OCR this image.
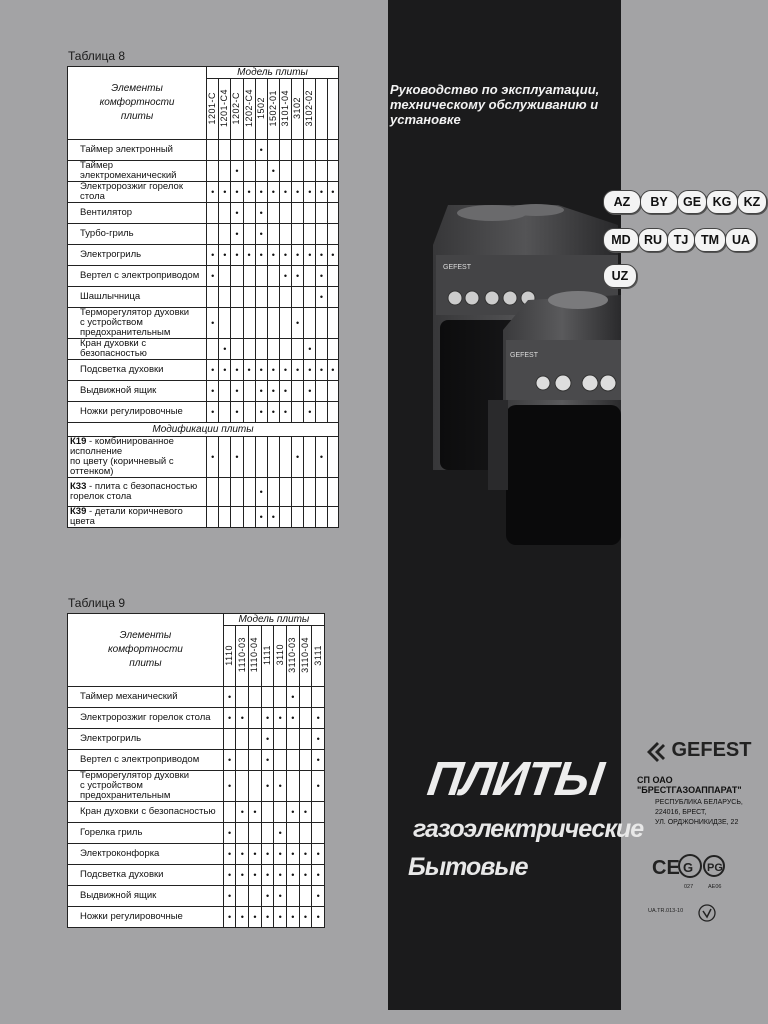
GEFEST
GEFEST
Таблица 8
Элементы
комфортности
плиты	Модель плиты										
	1201-С	1201-С4	1202-С	1202-С4	1502	1502-01	3101-04	3102	3102-02		
Таймер электронный					•						
Таймер электромеханический			•			•					
Электророзжиг горелок стола	•	•	•	•	•	•	•	•	•	•	•
Вентилятор			•		•						
Турбо-гриль			•		•						
Электрогриль	•	•	•	•	•	•	•	•	•	•	•
Вертел с электроприводом	•						•	•		•	
Шашлычница										•	
Терморегулятор духовки
с устройством предохранительным	•							•			
Кран духовки с безопасностью		•							•		
Подсветка духовки	•	•	•	•	•	•	•	•	•	•	•
Выдвижной ящик	•		•		•	•	•		•		
Ножки регулировочные	•		•		•	•	•		•		
Модификации плиты											
К19 - комбинированное исполнение
по цвету (коричневый с оттенком)	•		•					•		•	
К33 - плита с безопасностью
горелок стола					•						
К39 - детали коричневого цвета					•	•					
Таблица 9
Элементы
комфортности
плиты	Модель плиты							
	1110	1110-03	1110-04	1111	3110	3110-03	3110-04	3111
Таймер механический	•					•		
Электророзжиг горелок стола	•	•		•	•	•		•
Электрогриль				•				•
Вертел с электроприводом	•			•				•
Терморегулятор духовки
с устройством предохранительным	•			•	•			•
Кран духовки с безопасностью		•	•			•	•	
Горелка гриль	•				•			
Электроконфорка	•	•	•	•	•	•	•	•
Подсветка духовки	•	•	•	•	•	•	•	•
Выдвижной ящик	•			•	•			•
Ножки регулировочные	•	•	•	•	•	•	•	•
Руководство по эксплуатации,
техническому обслуживанию и установке
AZ	BY	GE KG KZ
MD	RU TJ	TM	UA
UZ
ПЛИТЫ
газоэлектрические
Бытовые
GEFEST
СП ОАО "БРЕСТГАЗОАППАРАТ"
РЕСПУБЛИКА БЕЛАРУСЬ,
224016, БРЕСТ,
УЛ. ОРДЖОНИКИДЗЕ, 22
CE G PG
027	АЕ06
UA.TR.013-10
